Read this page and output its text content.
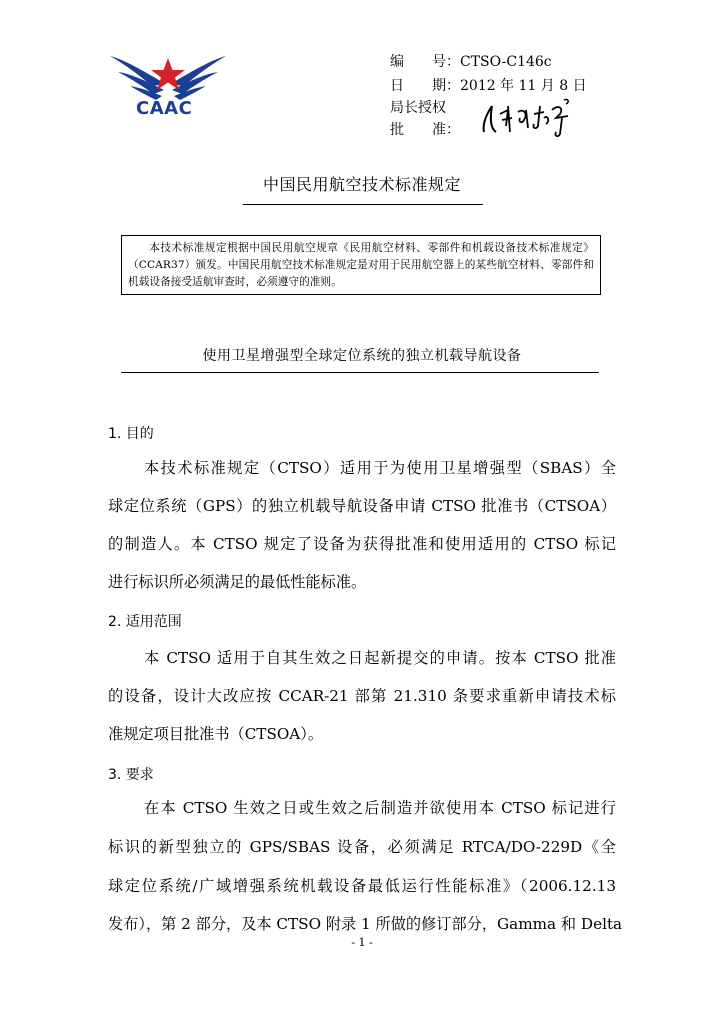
CAAC
编　　号：CTSO-C146c
日　　期：2012 年 11 月 8 日
局长授权
批　　准：
中国民用航空技术标准规定
本技术标准规定根据中国民用航空规章《民用航空材料、零部件和机载设备技术标准规定》（CCAR37）颁发。中国民用航空技术标准规定是对用于民用航空器上的某些航空材料、零部件和机载设备接受适航审查时，必须遵守的准则。
使用卫星增强型全球定位系统的独立机载导航设备
1. 目的
本技术标准规定（CTSO）适用于为使用卫星增强型（SBAS）全
球定位系统（GPS）的独立机载导航设备申请 CTSO 批准书（CTSOA）
的制造人。本 CTSO 规定了设备为获得批准和使用适用的 CTSO 标记
进行标识所必须满足的最低性能标准。
2. 适用范围
本 CTSO 适用于自其生效之日起新提交的申请。按本 CTSO 批准
的设备，设计大改应按 CCAR-21 部第 21.310 条要求重新申请技术标
准规定项目批准书（CTSOA）。
3. 要求
在本 CTSO 生效之日或生效之后制造并欲使用本 CTSO 标记进行
标识的新型独立的 GPS/SBAS 设备，必须满足 RTCA/DO-229D《全
球定位系统/广域增强系统机载设备最低运行性能标准》（2006.12.13
发布），第 2 部分，及本 CTSO 附录 1 所做的修订部分，Gamma 和 Delta
- 1 -
